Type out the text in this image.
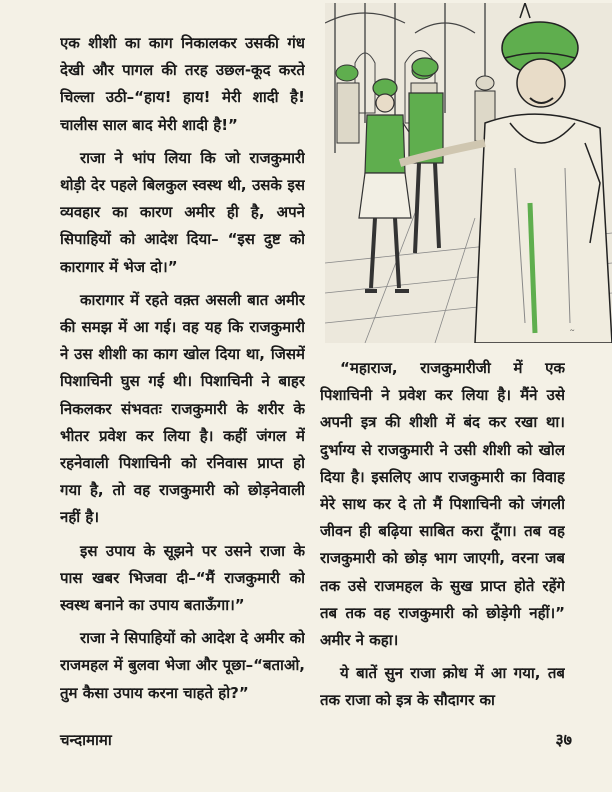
एक शीशी का काग निकालकर उसकी गंध देखी और पागल की तरह उछल-कूद करते चिल्ला उठी–“हाय! हाय! मेरी शादी है! चालीस साल बाद मेरी शादी है!”

राजा ने भांप लिया कि जो राजकुमारी थोड़ी देर पहले बिलकुल स्वस्थ थी, उसके इस व्यवहार का कारण अमीर ही है, अपने सिपाहियों को आदेश दिया– “इस दुष्ट को कारागार में भेज दो।”

कारागार में रहते वक़्त असली बात अमीर की समझ में आ गई। वह यह कि राजकुमारी ने उस शीशी का काग खोल दिया था, जिसमें पिशाचिनी घुस गई थी। पिशाचिनी ने बाहर निकलकर संभवतः राजकुमारी के शरीर के भीतर प्रवेश कर लिया है। कहीं जंगल में रहनेवाली पिशाचिनी को रनिवास प्राप्त हो गया है, तो वह राजकुमारी को छोड़नेवाली नहीं है।

इस उपाय के सूझने पर उसने राजा के पास खबर भिजवा दी–“मैं राजकुमारी को स्वस्थ बनाने का उपाय बताऊँगा।”

राजा ने सिपाहियों को आदेश दे अमीर को राजमहल में बुलवा भेजा और पूछा–“बताओ, तुम कैसा उपाय करना चाहते हो?”

~

“महाराज, राजकुमारीजी में एक पिशाचिनी ने प्रवेश कर लिया है। मैंने उसे अपनी इत्र की शीशी में बंद कर रखा था। दुर्भाग्य से राजकुमारी ने उसी शीशी को खोल दिया है। इसलिए आप राजकुमारी का विवाह मेरे साथ कर दे तो मैं पिशाचिनी को जंगली जीवन ही बढ़िया साबित करा दूँगा। तब वह राजकुमारी को छोड़ भाग जाएगी, वरना जब तक उसे राजमहल के सुख प्राप्त होते रहेंगे तब तक वह राजकुमारी को छोड़ेगी नहीं।” अमीर ने कहा।

ये बातें सुन राजा क्रोध में आ गया, तब तक राजा को इत्र के सौदागर का

चन्दामामा	३७
